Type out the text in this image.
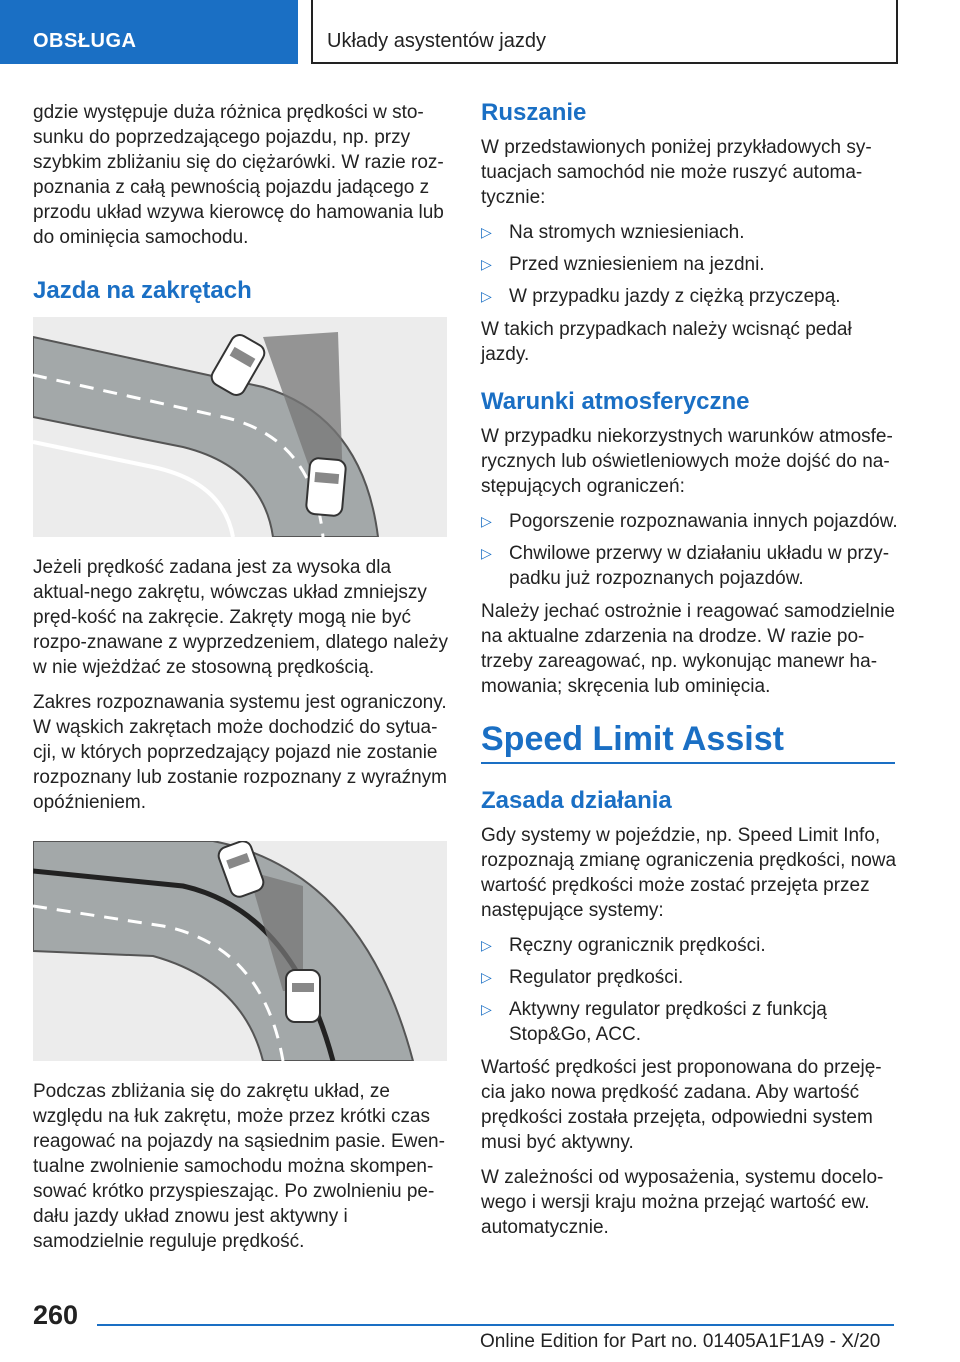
OBSŁUGA	Układy asystentów jazdy

gdzie występuje duża różnica prędkości w sto-sunku do poprzedzającego pojazdu, np. przy szybkim zbliżaniu się do ciężarówki. W razie roz-poznania z całą pewnością pojazdu jadącego z przodu układ wzywa kierowcę do hamowania lub do ominięcia samochodu.

Jazda na zakrętach

Jeżeli prędkość zadana jest za wysoka dla aktual-nego zakrętu, wówczas układ zmniejszy pręd-kość na zakręcie. Zakręty mogą nie być rozpo-znawane z wyprzedzeniem, dlatego należy w nie wjeżdżać ze stosowną prędkością.

Zakres rozpoznawania systemu jest ograniczony. W wąskich zakrętach może dochodzić do sytua-cji, w których poprzedzający pojazd nie zostanie rozpoznany lub zostanie rozpoznany z wyraźnym opóźnieniem.

Podczas zbliżania się do zakrętu układ, ze względu na łuk zakrętu, może przez krótki czas reagować na pojazdy na sąsiednim pasie. Ewen-tualne zwolnienie samochodu można skompen-sować krótko przyspieszając. Po zwolnieniu pe-dału jazdy układ znowu jest aktywny i samodzielnie reguluje prędkość.

Ruszanie

W przedstawionych poniżej przykładowych sy-tuacjach samochód nie może ruszyć automa-tycznie:

▷ Na stromych wzniesieniach.
▷ Przed wzniesieniem na jezdni.
▷ W przypadku jazdy z ciężką przyczepą.

W takich przypadkach należy wcisnąć pedał jazdy.

Warunki atmosferyczne

W przypadku niekorzystnych warunków atmosfe-rycznych lub oświetleniowych może dojść do na-stępujących ograniczeń:

▷ Pogorszenie rozpoznawania innych pojazdów.
▷ Chwilowe przerwy w działaniu układu w przy-padku już rozpoznanych pojazdów.

Należy jechać ostrożnie i reagować samodzielnie na aktualne zdarzenia na drodze. W razie po-trzeby zareagować, np. wykonując manewr ha-mowania; skręcenia lub ominięcia.

Speed Limit Assist
Zasada działania

Gdy systemy w pojeździe, np. Speed Limit Info, rozpoznają zmianę ograniczenia prędkości, nowa wartość prędkości może zostać przejęta przez następujące systemy:

▷ Ręczny ogranicznik prędkości.
▷ Regulator prędkości.
▷ Aktywny regulator prędkości z funkcją Stop&Go, ACC.

Wartość prędkości jest proponowana do przeję-cia jako nowa prędkość zadana. Aby wartość prędkości została przejęta, odpowiedni system musi być aktywny.

W zależności od wyposażenia, systemu docelo-wego i wersji kraju można przejąć wartość ew. automatycznie.

260
Online Edition for Part no. 01405A1F1A9 - X/20
